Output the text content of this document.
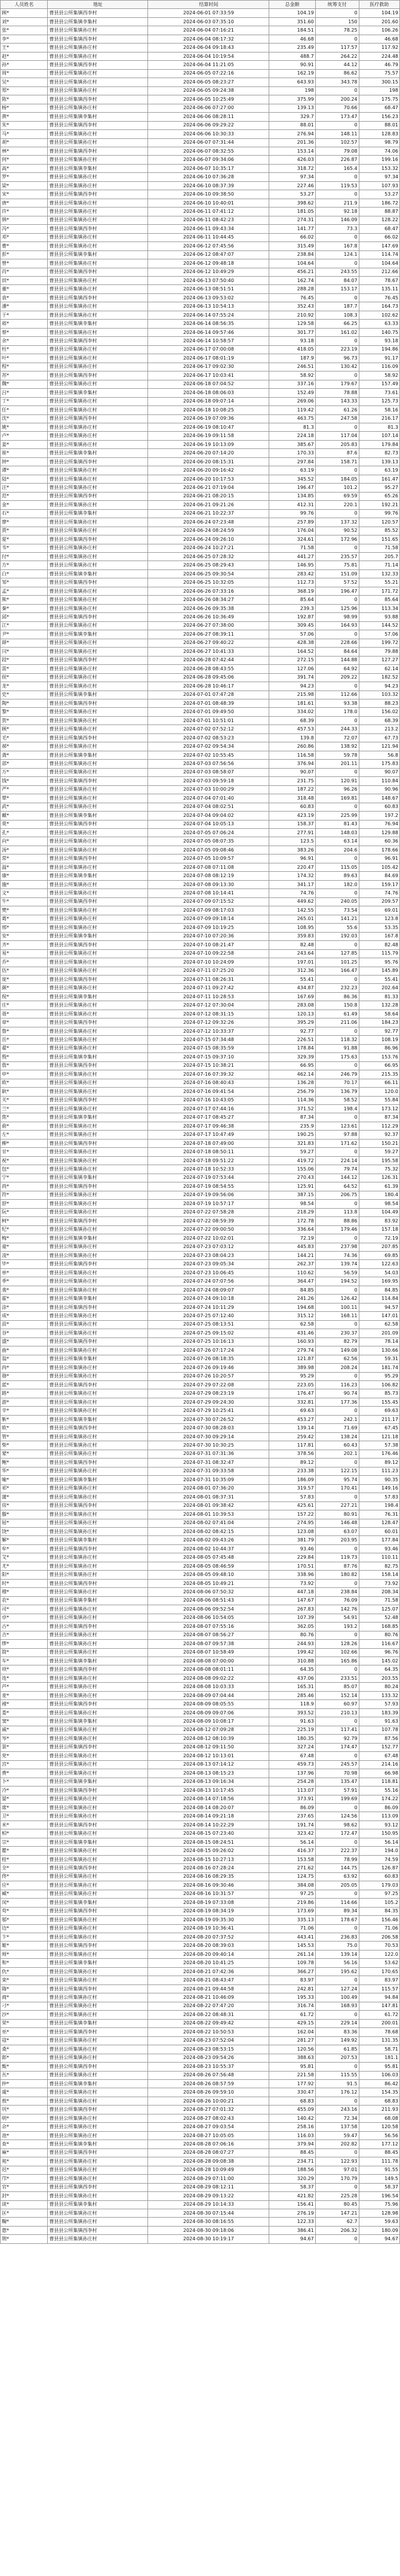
人员姓名	地址	结算时间	总金额	统筹支付	医疗救助
顾*	曹县县公所集镇西李村	2024-06-01 07:33:59	104.19	0	104.19
刘*	曹县县公所集镇李集村	2024-06-03 07:35:10	351.60	150	201.60
张*	曹县县公所集镇孙庄村	2024-06-04 07:16:21	184.51	78.25	106.26
李*	曹县县公所集镇西李村	2024-06-04 08:17:32	46.68	0	46.68
王*	曹县县公所集镇孙庄村	2024-06-04 09:18:43	235.49	117.57	117.92
赵*	曹县县公所集镇孙庄村	2024-06-04 10:19:54	488.7	264.22	224.48
孙*	曹县县公所集镇西李村	2024-06-04 11:21:05	90.91	44.12	46.79
周*	曹县县公所集镇孙庄村	2024-06-05 07:22:16	162.19	86.62	75.57
吴*	曹县县公所集镇孙庄村	2024-06-05 08:23:27	643.93	343.78	300.15
郑*	曹县县公所集镇孙庄村	2024-06-05 09:24:38	198	0	198
陈*	曹县县公所集镇西李村	2024-06-05 10:25:49	375.99	200.24	175.75
杨*	曹县县公所集镇孙庄村	2024-06-06 07:27:00	139.13	70.66	68.47
黄*	曹县县公所集镇李集村	2024-06-06 08:28:11	329.7	173.47	156.23
朱*	曹县县公所集镇西李村	2024-06-06 09:29:22	88.01	0	88.01
马*	曹县县公所集镇孙庄村	2024-06-06 10:30:33	276.94	148.11	128.83
胡*	曹县县公所集镇孙庄村	2024-06-07 07:31:44	201.36	102.57	98.79
林*	曹县县公所集镇西李村	2024-06-07 08:32:55	153.14	79.08	74.06
何*	曹县县公所集镇孙庄村	2024-06-07 09:34:06	426.03	226.87	199.16
高*	曹县县公所集镇李集村	2024-06-07 10:35:17	318.72	165.4	153.32
罗*	曹县县公所集镇孙庄村	2024-06-10 07:36:28	97.34	0	97.34
梁*	曹县县公所集镇孙庄村	2024-06-10 08:37:39	227.46	119.53	107.93
宋*	曹县县公所集镇西李村	2024-06-10 09:38:50	53.27	0	53.27
唐*	曹县县公所集镇孙庄村	2024-06-10 10:40:01	398.62	211.9	186.72
许*	曹县县公所集镇孙庄村	2024-06-11 07:41:12	181.05	92.18	88.87
韩*	曹县县公所集镇孙庄村	2024-06-11 08:42:23	274.31	146.09	128.22
冯*	曹县县公所集镇西李村	2024-06-11 09:43:34	141.77	73.3	68.47
邓*	曹县县公所集镇孙庄村	2024-06-11 10:44:45	66.02	0	66.02
曹*	曹县县公所集镇孙庄村	2024-06-12 07:45:56	315.49	167.8	147.69
彭*	曹县县公所集镇李集村	2024-06-12 08:47:07	238.84	124.1	114.74
曾*	曹县县公所集镇孙庄村	2024-06-12 09:48:18	104.64	0	104.64
肖*	曹县县公所集镇西李村	2024-06-12 10:49:29	456.21	243.55	212.66
田*	曹县县公所集镇孙庄村	2024-06-13 07:50:40	162.74	84.07	78.67
董*	曹县县公所集镇孙庄村	2024-06-13 08:51:51	288.28	153.17	135.11
袁*	曹县县公所集镇西李村	2024-06-13 09:53:02	76.45	0	76.45
潘*	曹县县公所集镇孙庄村	2024-06-13 10:54:13	352.43	187.7	164.73
于*	曹县县公所集镇孙庄村	2024-06-14 07:55:24	210.92	108.3	102.62
蒋*	曹县县公所集镇李集村	2024-06-14 08:56:35	129.58	66.25	63.33
蔡*	曹县县公所集镇孙庄村	2024-06-14 09:57:46	301.77	161.02	140.75
余*	曹县县公所集镇西李村	2024-06-14 10:58:57	93.18	0	93.18
杜*	曹县县公所集镇孙庄村	2024-06-17 07:00:08	418.05	223.19	194.86
叶*	曹县县公所集镇孙庄村	2024-06-17 08:01:19	187.9	96.73	91.17
程*	曹县县公所集镇孙庄村	2024-06-17 09:02:30	246.51	130.42	116.09
苏*	曹县县公所集镇西李村	2024-06-17 10:03:41	58.92	0	58.92
魏*	曹县县公所集镇孙庄村	2024-06-18 07:04:52	337.16	179.67	157.49
吕*	曹县县公所集镇李集村	2024-06-18 08:06:03	152.49	78.88	73.61
丁*	曹县县公所集镇孙庄村	2024-06-18 09:07:14	269.06	143.33	125.73
任*	曹县县公所集镇孙庄村	2024-06-18 10:08:25	119.42	61.26	58.16
沈*	曹县县公所集镇西李村	2024-06-19 07:09:36	463.75	247.58	216.17
姚*	曹县县公所集镇孙庄村	2024-06-19 08:10:47	81.3	0	81.3
卢*	曹县县公所集镇孙庄村	2024-06-19 09:11:58	224.18	117.04	107.14
姜*	曹县县公所集镇孙庄村	2024-06-19 10:13:09	385.67	205.83	179.84
崔*	曹县县公所集镇李集村	2024-06-20 07:14:20	170.33	87.6	82.73
钟*	曹县县公所集镇西李村	2024-06-20 08:15:31	297.84	158.71	139.13
谭*	曹县县公所集镇孙庄村	2024-06-20 09:16:42	63.19	0	63.19
陆*	曹县县公所集镇孙庄村	2024-06-20 10:17:53	345.52	184.05	161.47
汪*	曹县县公所集镇孙庄村	2024-06-21 07:19:04	196.47	101.2	95.27
范*	曹县县公所集镇西李村	2024-06-21 08:20:15	134.85	69.59	65.26
金*	曹县县公所集镇孙庄村	2024-06-21 09:21:26	412.31	220.1	192.21
石*	曹县县公所集镇李集村	2024-06-21 10:22:37	99.76	0	99.76
廖*	曹县县公所集镇孙庄村	2024-06-24 07:23:48	257.89	137.32	120.57
贾*	曹县县公所集镇孙庄村	2024-06-24 08:24:59	176.04	90.52	85.52
夏*	曹县县公所集镇西李村	2024-06-24 09:26:10	324.61	172.96	151.65
韦*	曹县县公所集镇孙庄村	2024-06-24 10:27:21	71.58	0	71.58
付*	曹县县公所集镇孙庄村	2024-06-25 07:28:32	441.27	235.57	205.7
方*	曹县县公所集镇孙庄村	2024-06-25 08:29:43	146.95	75.81	71.14
白*	曹县县公所集镇李集村	2024-06-25 09:30:54	283.42	151.09	132.33
邹*	曹县县公所集镇西李村	2024-06-25 10:32:05	112.73	57.52	55.21
孟*	曹县县公所集镇孙庄村	2024-06-26 07:33:16	368.19	196.47	171.72
熊*	曹县县公所集镇孙庄村	2024-06-26 08:34:27	85.64	0	85.64
秦*	曹县县公所集镇孙庄村	2024-06-26 09:35:38	239.3	125.96	113.34
邱*	曹县县公所集镇西李村	2024-06-26 10:36:49	192.87	98.99	93.88
江*	曹县县公所集镇孙庄村	2024-06-27 07:38:00	309.45	164.93	144.52
尹*	曹县县公所集镇李集村	2024-06-27 08:39:11	57.06	0	57.06
薛*	曹县县公所集镇孙庄村	2024-06-27 09:40:22	428.38	228.66	199.72
闫*	曹县县公所集镇孙庄村	2024-06-27 10:41:33	164.52	84.64	79.88
段*	曹县县公所集镇西李村	2024-06-28 07:42:44	272.15	144.88	127.27
雷*	曹县县公所集镇孙庄村	2024-06-28 08:43:55	127.06	64.92	62.14
侯*	曹县县公所集镇孙庄村	2024-06-28 09:45:06	391.74	209.22	182.52
龙*	曹县县公所集镇孙庄村	2024-06-28 10:46:17	94.23	0	94.23
史*	曹县县公所集镇李集村	2024-07-01 07:47:28	215.98	112.66	103.32
陶*	曹县县公所集镇西李村	2024-07-01 08:48:39	181.61	93.38	88.23
黎*	曹县县公所集镇孙庄村	2024-07-01 09:49:50	334.02	178.0	156.02
贺*	曹县县公所集镇孙庄村	2024-07-01 10:51:01	68.39	0	68.39
顾*	曹县县公所集镇孙庄村	2024-07-02 07:52:12	457.53	244.33	213.2
毛*	曹县县公所集镇西李村	2024-07-02 08:53:23	139.8	72.07	67.73
郝*	曹县县公所集镇孙庄村	2024-07-02 09:54:34	260.86	138.92	121.94
龚*	曹县县公所集镇李集村	2024-07-02 10:55:45	116.58	59.78	56.8
邵*	曹县县公所集镇孙庄村	2024-07-03 07:56:56	376.94	201.11	175.83
万*	曹县县公所集镇孙庄村	2024-07-03 08:58:07	90.07	0	90.07
钱*	曹县县公所集镇西李村	2024-07-03 09:59:18	231.75	120.91	110.84
严*	曹县县公所集镇孙庄村	2024-07-03 10:00:29	187.22	96.26	90.96
覃*	曹县县公所集镇孙庄村	2024-07-04 07:01:40	318.48	169.81	148.67
武*	曹县县公所集镇孙庄村	2024-07-04 08:02:51	60.83	0	60.83
戴*	曹县县公所集镇李集村	2024-07-04 09:04:02	423.19	225.99	197.2
莫*	曹县县公所集镇西李村	2024-07-04 10:05:13	158.37	81.43	76.94
孔*	曹县县公所集镇孙庄村	2024-07-05 07:06:24	277.91	148.03	129.88
向*	曹县县公所集镇孙庄村	2024-07-05 08:07:35	123.5	63.14	60.36
汤*	曹县县公所集镇孙庄村	2024-07-05 09:08:46	383.26	204.6	178.66
常*	曹县县公所集镇西李村	2024-07-05 10:09:57	96.91	0	96.91
温*	曹县县公所集镇孙庄村	2024-07-08 07:11:08	220.47	115.05	105.42
康*	曹县县公所集镇李集村	2024-07-08 08:12:19	174.32	89.63	84.69
施*	曹县县公所集镇孙庄村	2024-07-08 09:13:30	341.17	182.0	159.17
文*	曹县县公所集镇孙庄村	2024-07-08 10:14:41	74.76	0	74.76
牛*	曹县县公所集镇西李村	2024-07-09 07:15:52	449.62	240.05	209.57
樊*	曹县县公所集镇孙庄村	2024-07-09 08:17:03	142.55	73.54	69.01
葛*	曹县县公所集镇孙庄村	2024-07-09 09:18:14	265.01	141.21	123.8
邢*	曹县县公所集镇孙庄村	2024-07-09 10:19:25	108.95	55.6	53.35
安*	曹县县公所集镇李集村	2024-07-10 07:20:36	359.83	192.03	167.8
齐*	曹县县公所集镇西李村	2024-07-10 08:21:47	82.48	0	82.48
易*	曹县县公所集镇孙庄村	2024-07-10 09:22:58	243.64	127.85	115.79
乔*	曹县县公所集镇孙庄村	2024-07-10 10:24:09	197.01	101.25	95.76
伍*	曹县县公所集镇孙庄村	2024-07-11 07:25:20	312.36	166.47	145.89
庞*	曹县县公所集镇西李村	2024-07-11 08:26:31	55.41	0	55.41
颜*	曹县县公所集镇孙庄村	2024-07-11 09:27:42	434.87	232.23	202.64
倪*	曹县县公所集镇李集村	2024-07-11 10:28:53	167.69	86.36	81.33
庄*	曹县县公所集镇孙庄村	2024-07-12 07:30:04	283.08	150.8	132.28
聂*	曹县县公所集镇孙庄村	2024-07-12 08:31:15	120.13	61.49	58.64
章*	曹县县公所集镇西李村	2024-07-12 09:32:26	395.29	211.06	184.23
鲁*	曹县县公所集镇孙庄村	2024-07-12 10:33:37	92.77	0	92.77
岳*	曹县县公所集镇孙庄村	2024-07-15 07:34:48	226.51	118.32	108.19
翟*	曹县县公所集镇孙庄村	2024-07-15 08:35:59	178.84	91.88	86.96
殷*	曹县县公所集镇李集村	2024-07-15 09:37:10	329.39	175.63	153.76
詹*	曹县县公所集镇西李村	2024-07-15 10:38:21	66.95	0	66.95
申*	曹县县公所集镇孙庄村	2024-07-16 07:39:32	462.14	246.79	215.35
欧*	曹县县公所集镇孙庄村	2024-07-16 08:40:43	136.28	70.17	66.11
耿*	曹县县公所集镇孙庄村	2024-07-16 09:41:54	256.79	136.79	120.0
关*	曹县县公所集镇西李村	2024-07-16 10:43:05	114.36	58.52	55.84
兰*	曹县县公所集镇孙庄村	2024-07-17 07:44:16	371.52	198.4	173.12
焦*	曹县县公所集镇李集村	2024-07-17 08:45:27	87.34	0	87.34
俞*	曹县县公所集镇孙庄村	2024-07-17 09:46:38	235.9	123.61	112.29
左*	曹县县公所集镇孙庄村	2024-07-17 10:47:49	190.25	97.88	92.37
柳*	曹县县公所集镇西李村	2024-07-18 07:49:00	321.83	171.62	150.21
甘*	曹县县公所集镇孙庄村	2024-07-18 08:50:11	59.27	0	59.27
祝*	曹县县公所集镇孙庄村	2024-07-18 09:51:22	419.72	224.14	195.58
包*	曹县县公所集镇孙庄村	2024-07-18 10:52:33	155.06	79.74	75.32
宁*	曹县县公所集镇李集村	2024-07-19 07:53:44	270.43	144.12	126.31
尚*	曹县县公所集镇西李村	2024-07-19 08:54:55	125.91	64.52	61.39
符*	曹县县公所集镇孙庄村	2024-07-19 09:56:06	387.15	206.75	180.4
舒*	曹县县公所集镇孙庄村	2024-07-19 10:57:17	98.54	0	98.54
阮*	曹县县公所集镇孙庄村	2024-07-22 07:58:28	218.29	113.8	104.49
柯*	曹县县公所集镇西李村	2024-07-22 08:59:39	172.78	88.86	83.92
纪*	曹县县公所集镇孙庄村	2024-07-22 09:00:50	336.64	179.46	157.18
梅*	曹县县公所集镇李集村	2024-07-22 10:02:01	72.19	0	72.19
童*	曹县县公所集镇孙庄村	2024-07-23 07:03:12	445.83	237.98	207.85
凌*	曹县县公所集镇孙庄村	2024-07-23 08:04:23	144.21	74.36	69.85
毕*	曹县县公所集镇西李村	2024-07-23 09:05:34	262.37	139.74	122.63
单*	曹县县公所集镇孙庄村	2024-07-23 10:06:45	110.62	56.59	54.03
季*	曹县县公所集镇孙庄村	2024-07-24 07:07:56	364.47	194.52	169.95
裴*	曹县县公所集镇孙庄村	2024-07-24 08:09:07	84.85	0	84.85
霍*	曹县县公所集镇李集村	2024-07-24 09:10:18	241.26	126.42	114.84
涂*	曹县县公所集镇西李村	2024-07-24 10:11:29	194.68	100.11	94.57
成*	曹县县公所集镇孙庄村	2024-07-25 07:12:40	315.12	168.11	147.01
苗*	曹县县公所集镇孙庄村	2024-07-25 08:13:51	62.58	0	62.58
谷*	曹县县公所集镇孙庄村	2024-07-25 09:15:02	431.46	230.37	201.09
盛*	曹县县公所集镇西李村	2024-07-25 10:16:13	160.93	82.79	78.14
曲*	曹县县公所集镇孙庄村	2024-07-26 07:17:24	279.74	149.08	130.66
翁*	曹县县公所集镇李集村	2024-07-26 08:18:35	121.87	62.56	59.31
冉*	曹县县公所集镇孙庄村	2024-07-26 09:19:46	389.98	208.24	181.74
骆*	曹县县公所集镇孙庄村	2024-07-26 10:20:57	95.29	0	95.29
蓝*	曹县县公所集镇西李村	2024-07-29 07:22:08	223.05	116.23	106.82
路*	曹县县公所集镇孙庄村	2024-07-29 08:23:19	176.47	90.74	85.73
游*	曹县县公所集镇孙庄村	2024-07-29 09:24:30	332.81	177.36	155.45
辛*	曹县县公所集镇孙庄村	2024-07-29 10:25:41	69.63	0	69.63
靳*	曹县县公所集镇李集村	2024-07-30 07:26:52	453.27	242.1	211.17
欧*	曹县县公所集镇西李村	2024-07-30 08:28:03	139.14	71.69	67.45
管*	曹县县公所集镇孙庄村	2024-07-30 09:29:14	259.42	138.24	121.18
柴*	曹县县公所集镇孙庄村	2024-07-30 10:30:25	117.81	60.43	57.38
蒙*	曹县县公所集镇孙庄村	2024-07-31 07:31:36	378.56	202.1	176.46
鲍*	曹县县公所集镇西李村	2024-07-31 08:32:47	89.12	0	89.12
华*	曹县县公所集镇孙庄村	2024-07-31 09:33:58	233.38	122.15	111.23
喻*	曹县县公所集镇李集村	2024-07-31 10:35:09	186.09	95.74	90.35
祁*	曹县县公所集镇孙庄村	2024-08-01 07:36:20	319.57	170.41	149.16
蒲*	曹县县公所集镇孙庄村	2024-08-01 08:37:31	57.83	0	57.83
房*	曹县县公所集镇西李村	2024-08-01 09:38:42	425.61	227.21	198.4
滕*	曹县县公所集镇孙庄村	2024-08-01 10:39:53	157.22	80.91	76.31
屈*	曹县县公所集镇孙庄村	2024-08-02 07:41:04	274.95	146.48	128.47
饶*	曹县县公所集镇孙庄村	2024-08-02 08:42:15	123.08	63.07	60.01
解*	曹县县公所集镇李集村	2024-08-02 09:43:26	381.79	203.95	177.84
牟*	曹县县公所集镇西李村	2024-08-02 10:44:37	93.46	0	93.46
艾*	曹县县公所集镇孙庄村	2024-08-05 07:45:48	229.84	119.73	110.11
尤*	曹县县公所集镇孙庄村	2024-08-05 08:46:59	170.51	87.76	82.75
阳*	曹县县公所集镇孙庄村	2024-08-05 09:48:10	338.96	180.82	158.14
时*	曹县县公所集镇西李村	2024-08-05 10:49:21	73.92	0	73.92
穆*	曹县县公所集镇孙庄村	2024-08-06 07:50:32	447.18	238.84	208.34
农*	曹县县公所集镇李集村	2024-08-06 08:51:43	147.67	76.09	71.58
司*	曹县县公所集镇孙庄村	2024-08-06 09:52:54	267.83	142.76	125.07
卓*	曹县县公所集镇孙庄村	2024-08-06 10:54:05	107.39	54.91	52.48
古*	曹县县公所集镇西李村	2024-08-07 07:55:16	362.05	193.2	168.85
吉*	曹县县公所集镇孙庄村	2024-08-07 08:56:27	80.76	0	80.76
缪*	曹县县公所集镇孙庄村	2024-08-07 09:57:38	244.93	128.26	116.67
简*	曹县县公所集镇孙庄村	2024-08-07 10:58:49	199.42	102.66	96.76
车*	曹县县公所集镇李集村	2024-08-08 07:00:00	310.88	165.86	145.02
项*	曹县县公所集镇西李村	2024-08-08 08:01:11	64.35	0	64.35
连*	曹县县公所集镇孙庄村	2024-08-08 09:02:22	437.06	233.51	203.55
芦*	曹县县公所集镇孙庄村	2024-08-08 10:03:33	165.31	85.07	80.24
麦*	曹县县公所集镇孙庄村	2024-08-09 07:04:44	285.46	152.14	133.32
褚*	曹县县公所集镇西李村	2024-08-09 08:05:55	118.9	60.97	57.93
娄*	曹县县公所集镇孙庄村	2024-08-09 09:07:06	393.52	210.13	183.39
窦*	曹县县公所集镇李集村	2024-08-09 10:08:17	91.63	0	91.63
戚*	曹县县公所集镇孙庄村	2024-08-12 07:09:28	225.19	117.41	107.78
岑*	曹县县公所集镇孙庄村	2024-08-12 08:10:39	180.35	92.79	87.56
景*	曹县县公所集镇西李村	2024-08-12 09:11:50	327.24	174.47	152.77
党*	曹县县公所集镇孙庄村	2024-08-12 10:13:01	67.48	0	67.48
宫*	曹县县公所集镇孙庄村	2024-08-13 07:14:12	459.73	245.57	214.16
费*	曹县县公所集镇孙庄村	2024-08-13 08:15:23	137.96	70.98	66.98
卜*	曹县县公所集镇李集村	2024-08-13 09:16:34	254.28	135.47	118.81
冷*	曹县县公所集镇西李村	2024-08-13 10:17:45	113.07	57.91	55.16
晏*	曹县县公所集镇孙庄村	2024-08-14 07:18:56	373.91	199.69	174.22
席*	曹县县公所集镇孙庄村	2024-08-14 08:20:07	86.09	0	86.09
卫*	曹县县公所集镇孙庄村	2024-08-14 09:21:18	237.65	124.56	113.09
米*	曹县县公所集镇西李村	2024-08-14 10:22:29	191.74	98.62	93.12
柏*	曹县县公所集镇孙庄村	2024-08-15 07:23:40	323.42	172.47	150.95
宗*	曹县县公所集镇李集村	2024-08-15 08:24:51	56.14	0	56.14
瞿*	曹县县公所集镇孙庄村	2024-08-15 09:26:02	416.37	222.37	194.0
桂*	曹县县公所集镇孙庄村	2024-08-15 10:27:13	153.58	78.99	74.59
全*	曹县县公所集镇西李村	2024-08-16 07:28:24	271.62	144.75	126.87
佟*	曹县县公所集镇孙庄村	2024-08-16 08:29:35	124.75	63.92	60.83
应*	曹县县公所集镇孙庄村	2024-08-16 09:30:46	384.08	205.05	179.03
臧*	曹县县公所集镇孙庄村	2024-08-16 10:31:57	97.25	0	97.25
闵*	曹县县公所集镇李集村	2024-08-19 07:33:08	219.86	114.66	105.2
苟*	曹县县公所集镇西李村	2024-08-19 08:34:19	173.69	89.34	84.35
邬*	曹县县公所集镇孙庄村	2024-08-19 09:35:30	335.13	178.67	156.46
边*	曹县县公所集镇孙庄村	2024-08-19 10:36:41	71.06	0	71.06
卞*	曹县县公所集镇孙庄村	2024-08-20 07:37:52	443.41	236.83	206.58
姬*	曹县县公所集镇西李村	2024-08-20 08:39:03	145.53	75.0	70.53
师*	曹县县公所集镇孙庄村	2024-08-20 09:40:14	261.14	139.14	122.0
和*	曹县县公所集镇李集村	2024-08-20 10:41:25	109.78	56.16	53.62
仇*	曹县县公所集镇孙庄村	2024-08-21 07:42:36	366.27	195.62	170.65
栾*	曹县县公所集镇孙庄村	2024-08-21 08:43:47	83.97	0	83.97
隋*	曹县县公所集镇西李村	2024-08-21 09:44:58	242.81	127.24	115.57
商*	曹县县公所集镇孙庄村	2024-08-21 10:46:09	195.33	100.49	94.84
刁*	曹县县公所集镇孙庄村	2024-08-22 07:47:20	316.74	168.93	147.81
沙*	曹县县公所集镇孙庄村	2024-08-22 08:48:31	61.72	0	61.72
荣*	曹县县公所集镇李集村	2024-08-22 09:49:42	429.15	229.14	200.01
巫*	曹县县公所集镇西李村	2024-08-22 10:50:53	162.04	83.36	78.68
寇*	曹县县公所集镇孙庄村	2024-08-23 07:52:04	281.27	149.92	131.35
桑*	曹县县公所集镇孙庄村	2024-08-23 08:53:15	120.56	61.85	58.71
郎*	曹县县公所集镇孙庄村	2024-08-23 09:54:26	388.63	207.53	181.1
甄*	曹县县公所集镇西李村	2024-08-23 10:55:37	95.81	0	95.81
丛*	曹县县公所集镇孙庄村	2024-08-26 07:56:48	221.58	115.55	106.03
仲*	曹县县公所集镇李集村	2024-08-26 08:57:59	177.92	91.5	86.42
虞*	曹县县公所集镇孙庄村	2024-08-26 09:59:10	330.47	176.12	154.35
敖*	曹县县公所集镇孙庄村	2024-08-26 10:00:21	68.83	0	68.83
巩*	曹县县公所集镇西李村	2024-08-27 07:01:32	455.09	243.16	211.93
明*	曹县县公所集镇孙庄村	2024-08-27 08:02:43	140.42	72.34	68.08
佘*	曹县县公所集镇孙庄村	2024-08-27 09:03:54	258.16	137.58	120.58
池*	曹县县公所集镇孙庄村	2024-08-27 10:05:05	116.03	59.47	56.56
查*	曹县县公所集镇李集村	2024-08-28 07:06:16	379.94	202.82	177.12
麻*	曹县县公所集镇西李村	2024-08-28 08:07:27	88.45	0	88.45
苑*	曹县县公所集镇孙庄村	2024-08-28 09:08:38	234.71	122.93	111.78
迟*	曹县县公所集镇孙庄村	2024-08-28 10:09:49	188.56	97.01	91.55
邝*	曹县县公所集镇孙庄村	2024-08-29 07:11:00	320.29	170.79	149.5
官*	曹县县公所集镇西李村	2024-08-29 08:12:11	58.37	0	58.37
封*	曹县县公所集镇孙庄村	2024-08-29 09:13:22	421.82	225.28	196.54
谈*	曹县县公所集镇李集村	2024-08-29 10:14:33	156.41	80.45	75.96
匡*	曹县县公所集镇孙庄村	2024-08-30 07:15:44	276.19	147.21	128.98
鞠*	曹县县公所集镇孙庄村	2024-08-30 08:16:55	122.33	62.7	59.63
惠*	曹县县公所集镇西李村	2024-08-30 09:18:06	386.41	206.32	180.09
荆*	曹县县公所集镇孙庄村	2024-08-30 10:19:17	94.67	0	94.67
